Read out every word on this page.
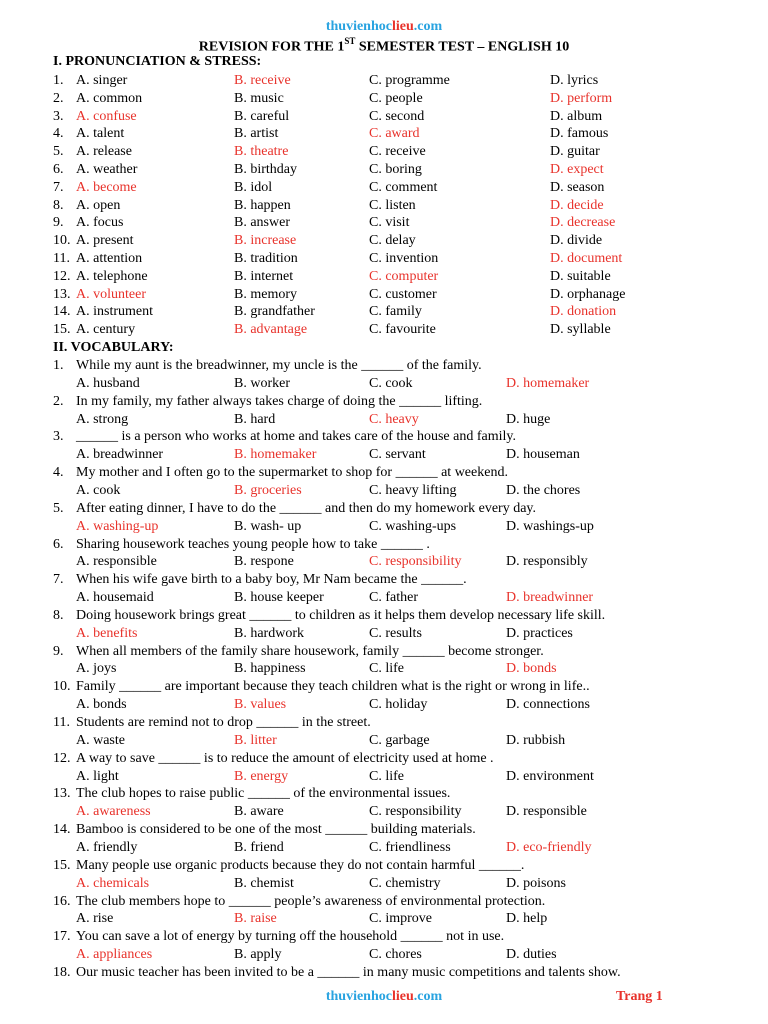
thuvienhoclieu.com
REVISION FOR THE 1ST SEMESTER TEST – ENGLISH 10
I. PRONUNCIATION & STRESS:
1. A. singer	B. receive	C. programme	D. lyrics
2. A. common	B. music	C. people	D. perform
3. A. confuse	B. careful	C. second	D. album
4. A. talent	B. artist	C. award	D. famous
5. A. release	B. theatre	C. receive	D. guitar
6. A. weather	B. birthday	C. boring	D. expect
7. A. become	B. idol	C. comment	D. season
8. A. open	B. happen	C. listen	D. decide
9. A. focus	B. answer	C. visit	D. decrease
10. A. present	B. increase	C. delay	D. divide
11. A. attention	B. tradition	C. invention	D. document
12. A. telephone	B. internet	C. computer	D. suitable
13. A. volunteer	B. memory	C. customer	D. orphanage
14. A. instrument	B. grandfather	C. family	D. donation
15. A. century	B. advantage	C. favourite	D. syllable
II. VOCABULARY:
1. While my aunt is the breadwinner, my uncle is the ______ of the family.
A. husband	B. worker	C. cook	D. homemaker
2. In my family, my father always takes charge of doing the ______ lifting.
A. strong	B. hard	C. heavy	D. huge
3. ______ is a person who works at home and takes care of the house and family.
A. breadwinner	B. homemaker	C. servant	D. houseman
4. My mother and I often go to the supermarket to shop for ______ at weekend.
A. cook	B. groceries	C. heavy lifting	D. the chores
5. After eating dinner, I have to do the ______ and then do my homework every day.
A. washing-up	B. wash- up	C. washing-ups	D. washings-up
6. Sharing housework teaches young people how to take ______ .
A. responsible	B. respone	C. responsibility	D. responsibly
7. When his wife gave birth to a baby boy, Mr Nam became the ______.
A. housemaid	B. house keeper	C. father	D. breadwinner
8. Doing housework brings great ______ to children as it helps them develop necessary life skill.
A. benefits	B. hardwork	C. results	D. practices
9. When all members of the family share housework, family ______ become stronger.
A. joys	B. happiness	C. life	D. bonds
10. Family ______ are important because they teach children what is the right or wrong in life..
A. bonds	B. values	C. holiday	D. connections
11. Students are remind not to drop ______ in the street.
A. waste	B. litter	C. garbage	D. rubbish
12. A way to save ______ is to reduce the amount of electricity used at home .
A. light	B. energy	C. life	D. environment
13. The club hopes to raise public ______ of the environmental issues.
A. awareness	B. aware	C. responsibility	D. responsible
14. Bamboo is considered to be one of the most ______ building materials.
A. friendly	B. friend	C. friendliness	D. eco-friendly
15. Many people use organic products because they do not contain harmful ______.
A. chemicals	B. chemist	C. chemistry	D. poisons
16. The club members hope to ______ people’s awareness of environmental protection.
A. rise	B. raise	C. improve	D. help
17. You can save a lot of energy by turning off the household ______ not in use.
A. appliances	B. apply	C. chores	D. duties
18. Our music teacher has been invited to be a ______ in many music competitions and talents show.
thuvienhoclieu.com	Trang 1
